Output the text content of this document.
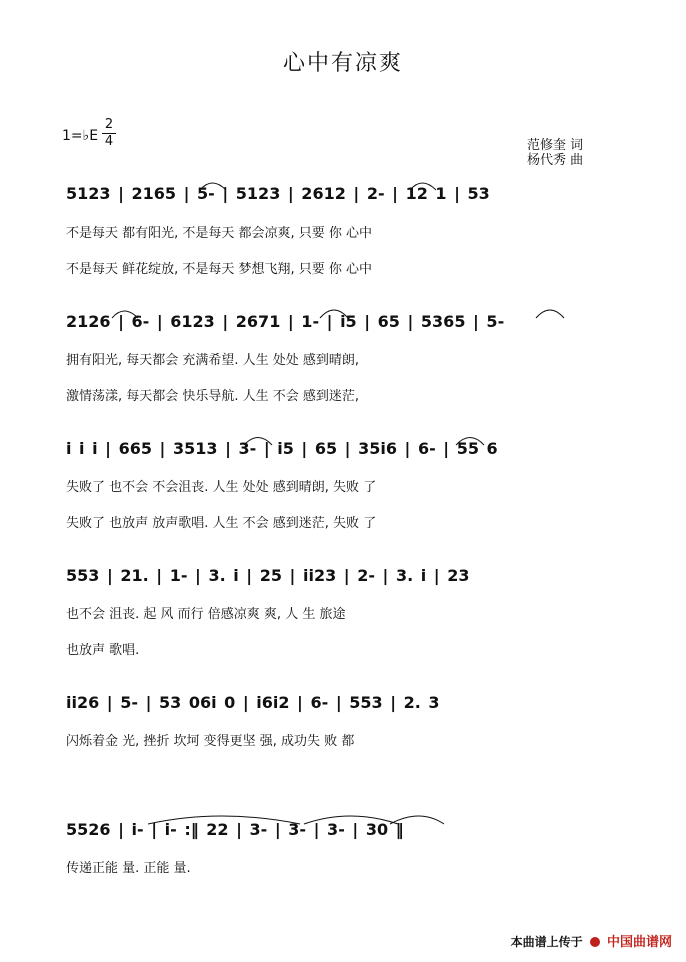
心中有凉爽
1=♭E
2
4	范修奎 词
杨代秀 曲
5123 | 2165 | 5- | 5123 | 2612 | 2- | 12 1 | 53
不是每天 都有阳光, 不是每天 都会凉爽, 只要 你 心中
不是每天 鲜花绽放, 不是每天 梦想飞翔, 只要 你 心中
2126 | 6- | 6123 | 2671 | 1- | i5 | 65 | 5365 | 5-
拥有阳光, 每天都会 充满希望. 人生 处处 感到晴朗,
激情荡漾, 每天都会 快乐导航. 人生 不会 感到迷茫,
i i i | 665 | 3513 | 3- | i5 | 65 | 35i6 | 6- | 55 6
失败了 也不会 不会沮丧. 人生 处处 感到晴朗, 失败 了
失败了 也放声 放声歌唱. 人生 不会 感到迷茫, 失败 了
553 | 21. | 1- | 3. i | 25 | ii23 | 2- | 3. i | 23
也不会 沮丧. 起 风 而行 倍感凉爽 爽, 人 生 旅途
也放声 歌唱.
ii26 | 5- | 53 06i 0 | i6i2 | 6- | 553 | 2. 3
闪烁着金 光, 挫折 坎坷 变得更坚 强, 成功失 败 都
5526 | i- | i- :‖ 22 | 3- | 3- | 3- | 30 ‖
传递正能 量. 正能 量.
本曲谱上传于 中国曲谱网
